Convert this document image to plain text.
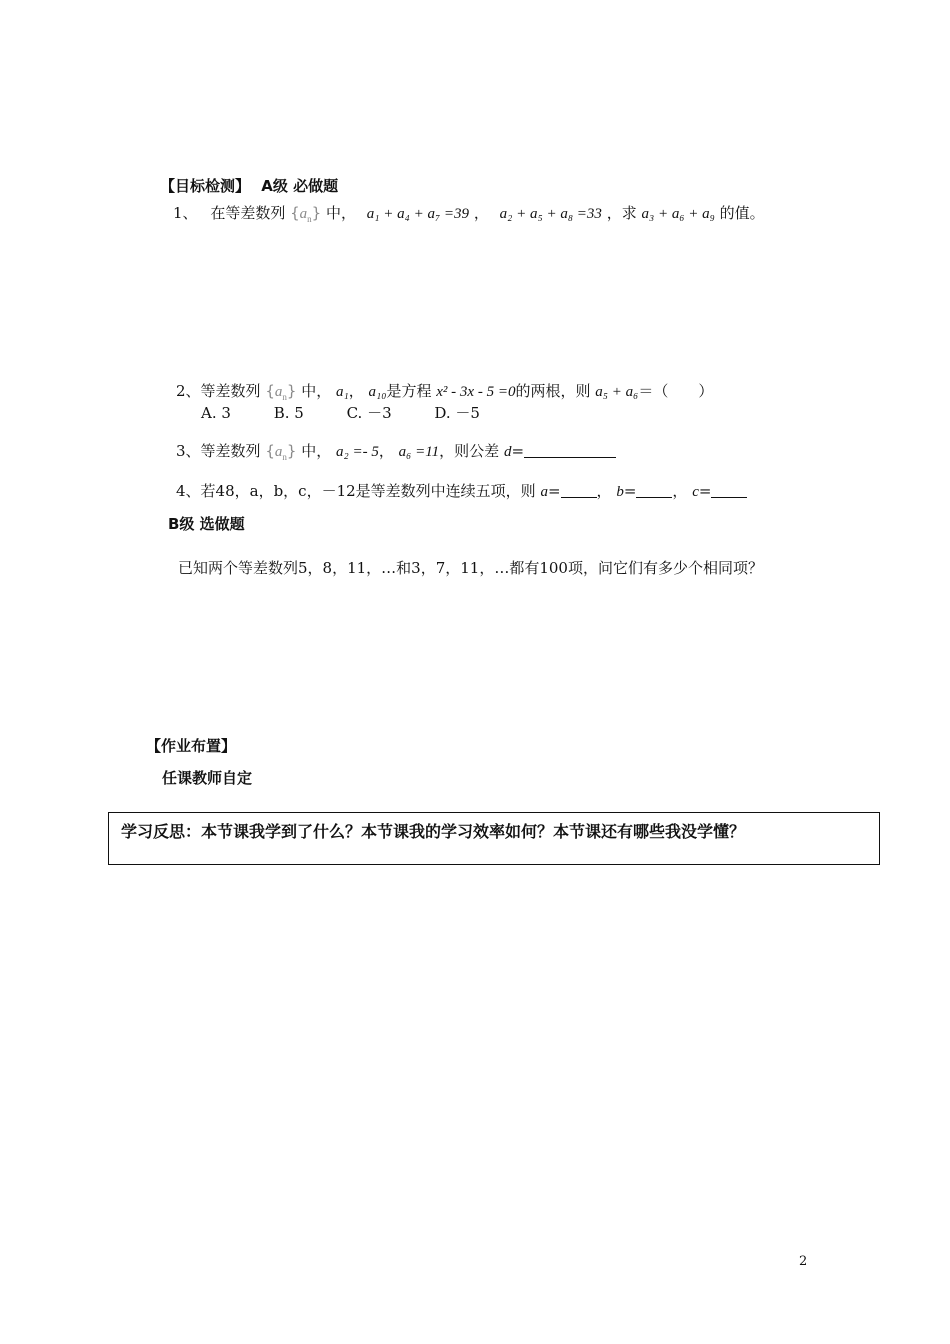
【目标检测】 A级 必做题
1、 在等差数列 $\{a_n\}$ 中， a₁ + a₄ + a₇ =39 ， a₂ + a₅ + a₈ =33 ，求 a₃ + a₆ + a₉ 的值。
2、等差数列 $\{a_n\}$ 中， a₁， a₁₀是方程 x² - 3x - 5 =0的两根，则 a₅ + a₆＝（　　）
A. 3	B. 5	C. －3	D. －5
3、等差数列 $\{a_n\}$ 中， a₂ =- 5， a₆ =11，则公差 d=
4、若48，a，b，c，－12是等差数列中连续五项，则 a= ， b= ， c=
B级 选做题
已知两个等差数列5，8，11，…和3，7，11，…都有100项，问它们有多少个相同项？
【作业布置】
任课教师自定
学习反思：本节课我学到了什么？本节课我的学习效率如何？本节课还有哪些我没学懂？
2
